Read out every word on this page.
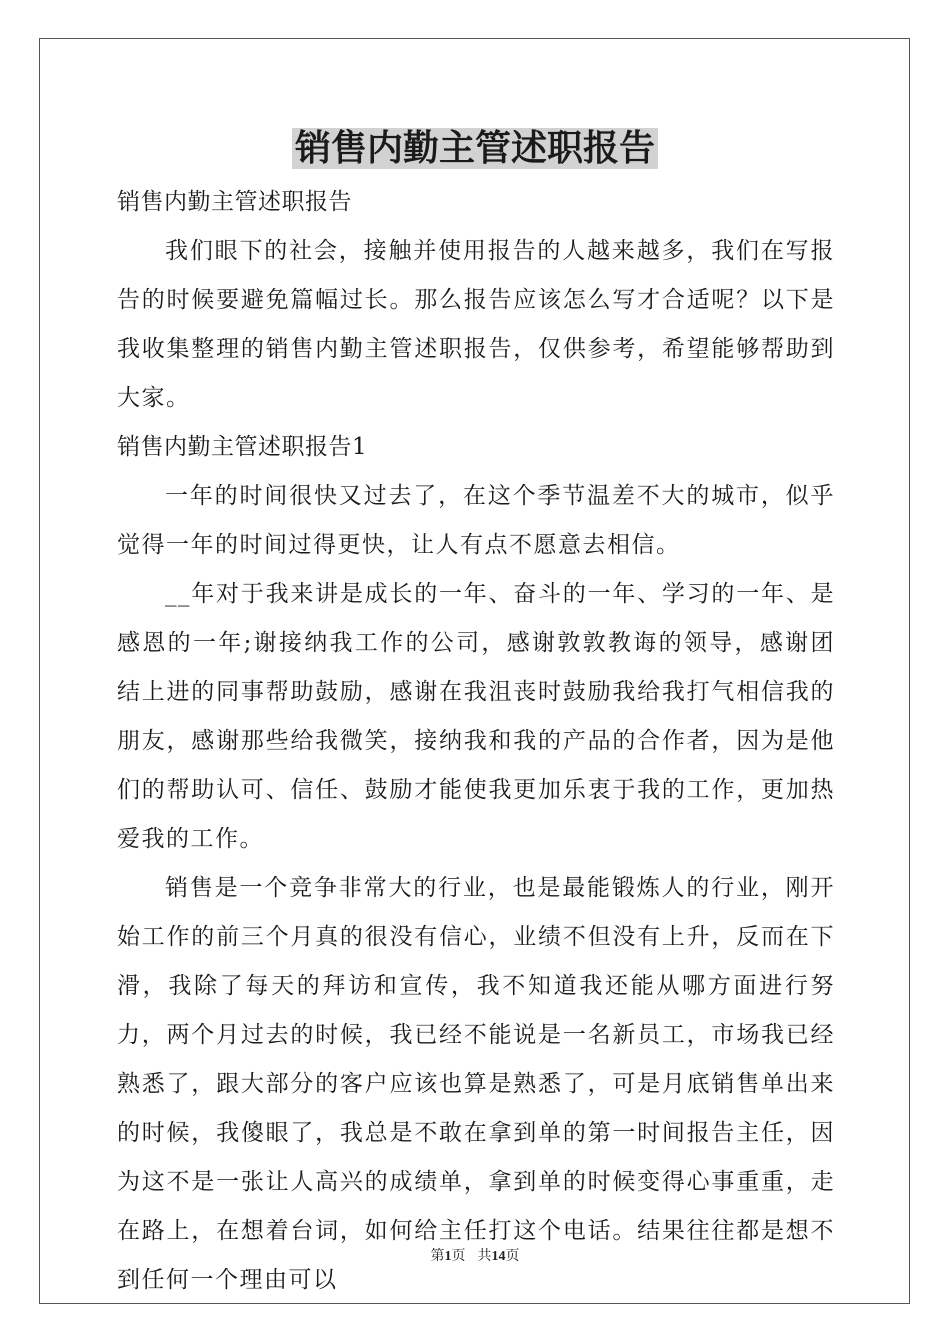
销售内勤主管述职报告

销售内勤主管述职报告

我们眼下的社会，接触并使用报告的人越来越多，我们在写报告的时候要避免篇幅过长。那么报告应该怎么写才合适呢？以下是我收集整理的销售内勤主管述职报告，仅供参考，希望能够帮助到大家。

销售内勤主管述职报告1

一年的时间很快又过去了，在这个季节温差不大的城市，似乎觉得一年的时间过得更快，让人有点不愿意去相信。

__年对于我来讲是成长的一年、奋斗的一年、学习的一年、是感恩的一年;谢接纳我工作的公司，感谢敦敦教诲的领导，感谢团结上进的同事帮助鼓励，感谢在我沮丧时鼓励我给我打气相信我的朋友，感谢那些给我微笑，接纳我和我的产品的合作者，因为是他们的帮助认可、信任、鼓励才能使我更加乐衷于我的工作，更加热爱我的工作。

销售是一个竞争非常大的行业，也是最能锻炼人的行业，刚开始工作的前三个月真的很没有信心，业绩不但没有上升，反而在下滑，我除了每天的拜访和宣传，我不知道我还能从哪方面进行努力，两个月过去的时候，我已经不能说是一名新员工，市场我已经熟悉了，跟大部分的客户应该也算是熟悉了，可是月底销售单出来的时候，我傻眼了，我总是不敢在拿到单的第一时间报告主任，因为这不是一张让人高兴的成绩单，拿到单的时候变得心事重重，走在路上，在想着台词，如何给主任打这个电话。结果往往都是想不到任何一个理由可以

第1页 共14页
